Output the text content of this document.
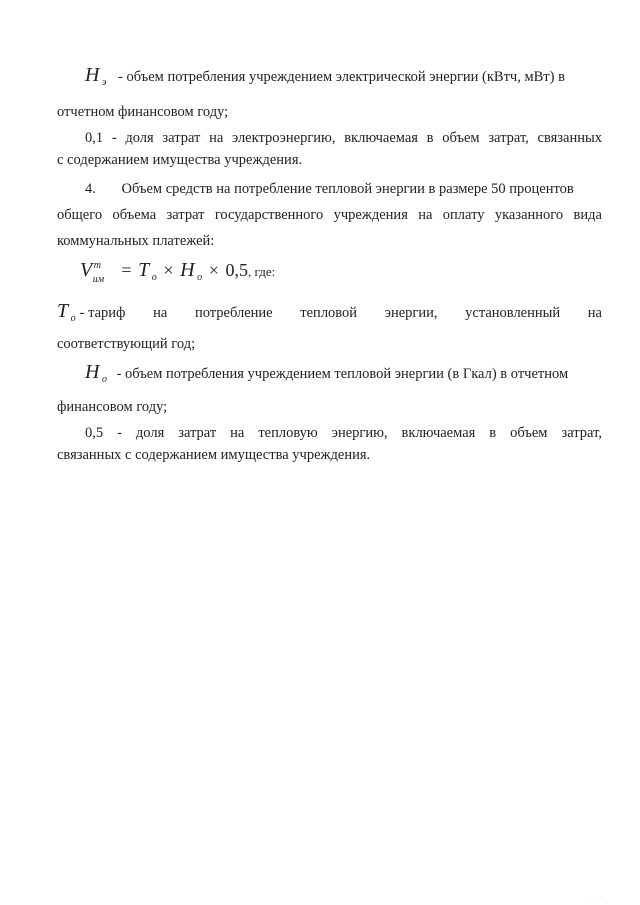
H $_э$ - объем потребления учреждением электрической энергии (кВтч, мВт) в
отчетном финансовом году;
0,1 - доля затрат на электроэнергию, включаемая в объем затрат, связанных
с содержанием имущества учреждения.
4. Объем средств на потребление тепловой энергии в размере 50 процентов
общего объема затрат государственного учреждения на оплату указанного вида
коммунальных платежей:
V т
им = T $_о$ × H $_о$ × 0,5, где:
T $_о$ - тариф на потребление тепловой энергии, установленный на
соответствующий год;
H $_о$ - объем потребления учреждением тепловой энергии (в Гкал) в отчетном
финансовом году;
0,5 - доля затрат на тепловую энергию, включаемая в объем затрат,
связанных с содержанием имущества учреждения.
· · ·
